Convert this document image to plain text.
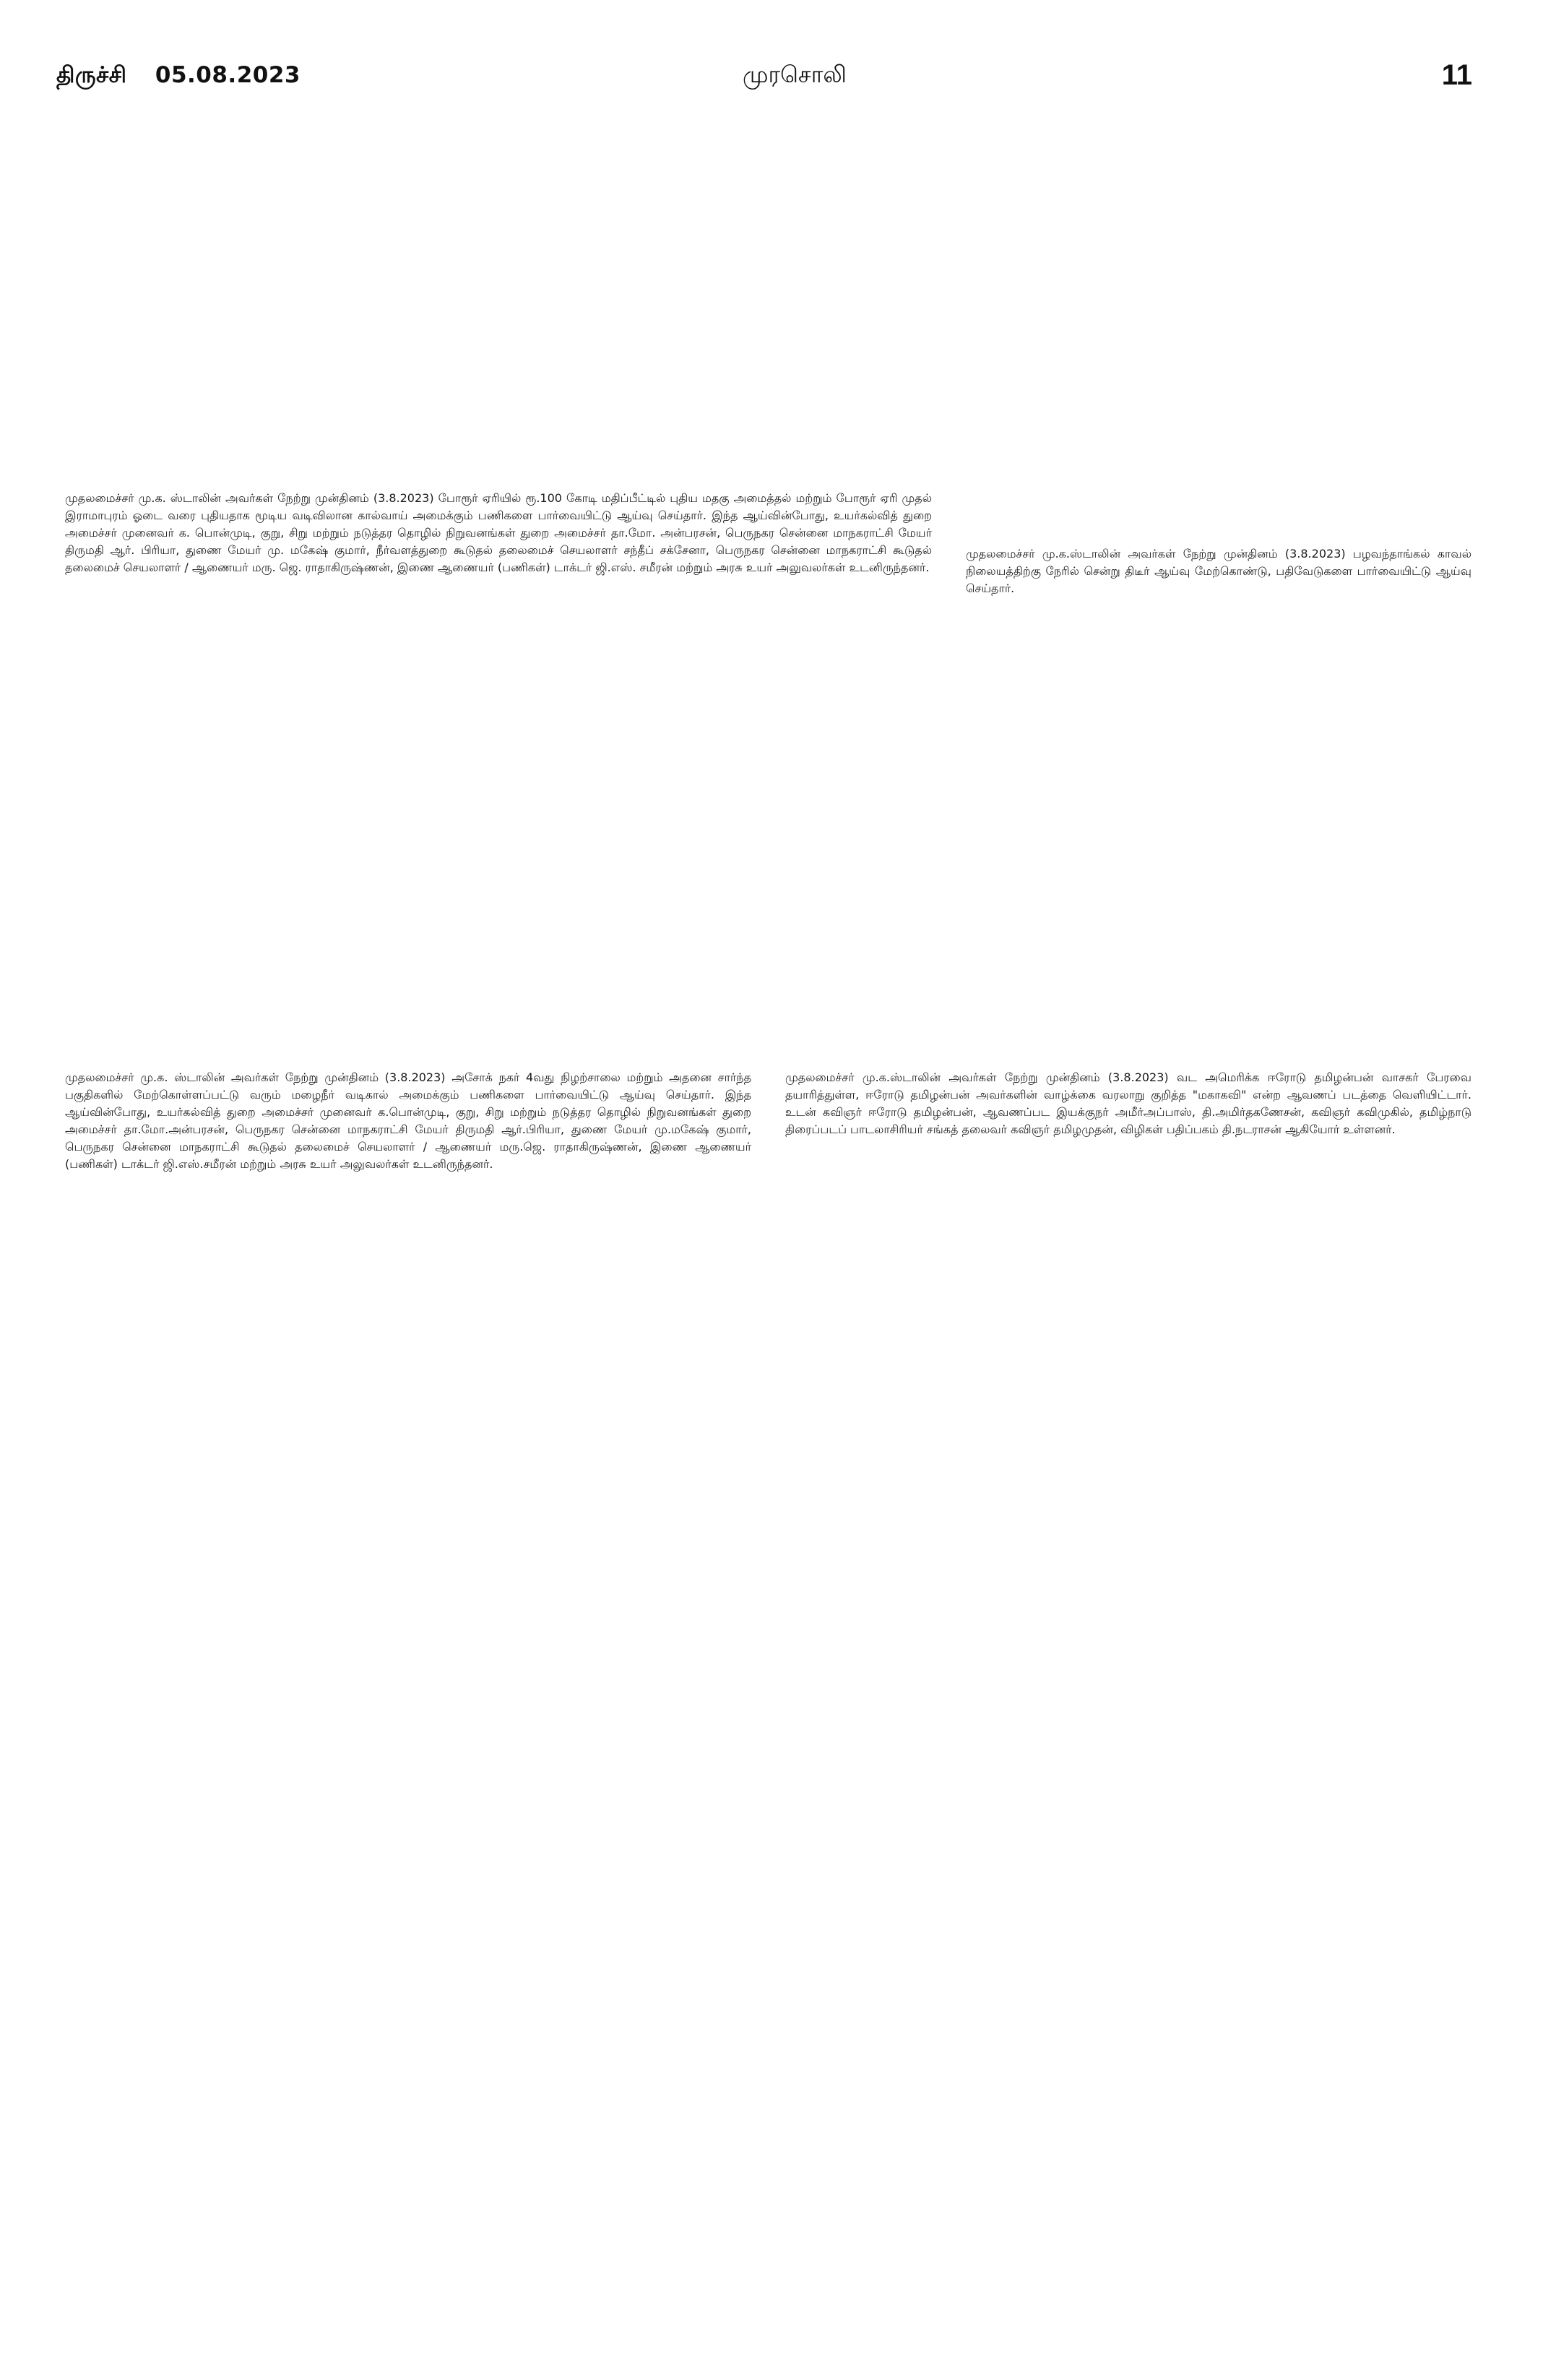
திருச்சி 05.08.2023	முரசொலி	11
முதலமைச்சர் மு.க. ஸ்டாலின் அவர்கள் நேற்று முன்தினம் (3.8.2023) போரூர் ஏரியில் ரூ.100 கோடி மதிப்பீட்டில் புதிய மதகு அமைத்தல் மற்றும் போரூர் ஏரி முதல் இராமாபுரம் ஓடை வரை புதியதாக மூடிய வடிவிலான கால்வாய் அமைக்கும் பணிகளை பார்வையிட்டு ஆய்வு செய்தார். இந்த ஆய்வின்போது, உயர்கல்வித் துறை அமைச்சர் முனைவர் க. பொன்முடி, குறு, சிறு மற்றும் நடுத்தர தொழில் நிறுவனங்கள் துறை அமைச்சர் தா.மோ. அன்பரசன், பெருநகர சென்னை மாநகராட்சி மேயர் திருமதி ஆர். பிரியா, துணை மேயர் மு. மகேஷ் குமார், நீர்வளத்துறை கூடுதல் தலைமைச் செயலாளர் சந்தீப் சக்சேனா, பெருநகர சென்னை மாநகராட்சி கூடுதல் தலைமைச் செயலாளர் / ஆணையர் மரு. ஜெ. ராதாகிருஷ்ணன், இணை ஆணையர் (பணிகள்) டாக்டர் ஜி.எஸ். சமீரன் மற்றும் அரசு உயர் அலுவலர்கள் உடனிருந்தனர்.
முதலமைச்சர் மு.க.ஸ்டாலின் அவர்கள் நேற்று முன்தினம் (3.8.2023) பழவந்தாங்கல் காவல் நிலையத்திற்கு நேரில் சென்று திடீர் ஆய்வு மேற்கொண்டு, பதிவேடுகளை பார்வையிட்டு ஆய்வு செய்தார்.
முதலமைச்சர் மு.க. ஸ்டாலின் அவர்கள் நேற்று முன்தினம் (3.8.2023) அசோக் நகர் 4வது நிழற்சாலை மற்றும் அதனை சார்ந்த பகுதிகளில் மேற்கொள்ளப்பட்டு வரும் மழைநீர் வடிகால் அமைக்கும் பணிகளை பார்வையிட்டு ஆய்வு செய்தார். இந்த ஆய்வின்போது, உயர்கல்வித் துறை அமைச்சர் முனைவர் க.பொன்முடி, குறு, சிறு மற்றும் நடுத்தர தொழில் நிறுவனங்கள் துறை அமைச்சர் தா.மோ.அன்பரசன், பெருநகர சென்னை மாநகராட்சி மேயர் திருமதி ஆர்.பிரியா, துணை மேயர் மு.மகேஷ் குமார், பெருநகர சென்னை மாநகராட்சி கூடுதல் தலைமைச் செயலாளர் / ஆணையர் மரு.ஜெ. ராதாகிருஷ்ணன், இணை ஆணையர் (பணிகள்) டாக்டர் ஜி.எஸ்.சமீரன் மற்றும் அரசு உயர் அலுவலர்கள் உடனிருந்தனர்.
முதலமைச்சர் மு.க.ஸ்டாலின் அவர்கள் நேற்று முன்தினம் (3.8.2023) வட அமெரிக்க ஈரோடு தமிழன்பன் வாசகர் பேரவை தயாரித்துள்ள, ஈரோடு தமிழன்பன் அவர்களின் வாழ்க்கை வரலாறு குறித்த "மகாகவி" என்ற ஆவணப் படத்தை வெளியிட்டார். உடன் கவிஞர் ஈரோடு தமிழன்பன், ஆவணப்பட இயக்குநர் அமீர்அப்பாஸ், தி.அமிர்தகணேசன், கவிஞர் கவிமுகில், தமிழ்நாடு திரைப்படப் பாடலாசிரியர் சங்கத் தலைவர் கவிஞர் தமிழமுதன், விழிகள் பதிப்பகம் தி.நடராசன் ஆகியோர் உள்ளனர்.
